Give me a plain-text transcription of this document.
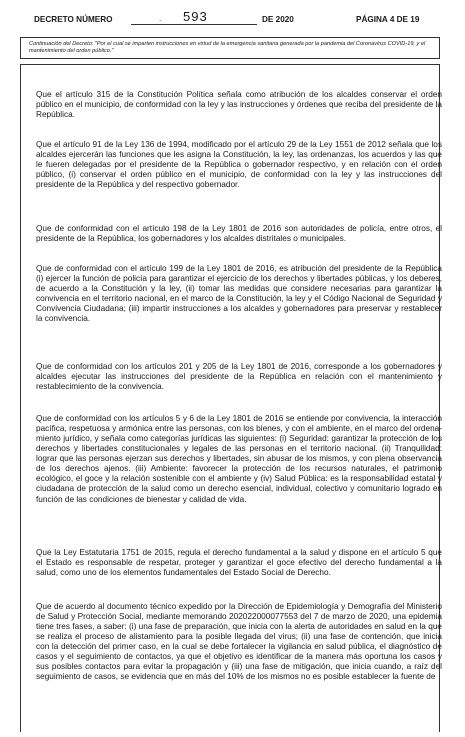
DECRETO NÚMERO	. 593	DE 2020	PÁGINA 4 DE 19
Continuación del Decreto: "Por el cual se imparten instrucciones en virtud de la emergencia sanitaria generada por la pandemia del Coronavirus COVID-19, y el mantenimiento del orden público."

Que el artículo 315 de la Constitución Política señala como atribución de los alcaldes conservar el orden público en el municipio, de conformidad con la ley y las instrucciones y órdenes que reciba del presidente de la República.

Que el artículo 91 de la Ley 136 de 1994, modificado por el artículo 29 de la Ley 1551 de 2012 señala que los alcaldes ejercerán las funciones que les asigna la Constitución, la ley, las ordenanzas, los acuerdos y las que le fueren delegadas por el presidente de la República o gobernador respectivo, y en relación con el orden público, (i) conservar el orden público en el municipio, de conformidad con la ley y las instrucciones del presidente de la República y del respectivo gobernador.

Que de conformidad con el artículo 198 de la Ley 1801 de 2016 son autoridades de policía, entre otros, el presidente de la República, los gobernadores y los alcaldes distritales o municipales.

Que de conformidad con el artículo 199 de la Ley 1801 de 2016, es atribución del presidente de la República (i) ejercer la función de policía para garantizar el ejercicio de los derechos y libertades públicas, y los deberes, de acuerdo a la Constitución y la ley, (ii) tomar las medidas que considere necesarias para garantizar la convivencia en el territorio nacional, en el marco de la Constitución, la ley y el Código Nacional de Seguridad y Convivencia Ciudadana; (iii) impartir instrucciones a los alcaldes y gobernadores para preservar y restablecer la convivencia.

Que de conformidad con los artículos 201 y 205 de la Ley 1801 de 2016, corresponde a los gobernadores y alcaldes ejecutar las instrucciones del presidente de la República en relación con el mantenimiento y restablecimiento de la convivencia.

Que de conformidad con los artículos 5 y 6 de la Ley 1801 de 2016 se entiende por convivencia, la interacción pacífica, respetuosa y armónica entre las personas, con los bienes, y con el ambiente, en el marco del ordena-miento jurídico, y señala como categorías jurídicas las siguientes: (i) Seguridad: garantizar la protección de los derechos y libertades constitucionales y legales de las personas en el territorio nacional. (ii) Tranquilidad: lograr que las personas ejerzan sus derechos y libertades, sin abusar de los mismos, y con plena observancia de los derechos ajenos. (iii) Ambiente: favorecer la protección de los recursos naturales, el patrimonio ecológico, el goce y la relación sostenible con el ambiente y (iv) Salud Pública: es la responsabilidad estatal y ciudadana de protección de la salud como un derecho esencial, individual, colectivo y comunitario logrado en función de las condiciones de bienestar y calidad de vida.

Que la Ley Estatutaria 1751 de 2015, regula el derecho fundamental a la salud y dispone en el artículo 5 que el Estado es responsable de respetar, proteger y garantizar el goce efectivo del derecho fundamental a la salud, como uno de los elementos fundamentales del Estado Social de Derecho.

Que de acuerdo al documento técnico expedido por la Dirección de Epidemiología y Demografía del Ministerio de Salud y Protección Social, mediante memorando 202022000077553 del 7 de marzo de 2020, una epidemia tiene tres fases, a saber: (i) una fase de preparación, que inicia con la alerta de autoridades en salud en la que se realiza el proceso de alistamiento para la posible llegada del virus; (ii) una fase de contención, que inicia con la detección del primer caso, en la cual se debe fortalecer la vigilancia en salud pública, el diagnóstico de casos y el seguimiento de contactos, ya que el objetivo es identificar de la manera más oportuna los casos y sus posibles contactos para evitar la propagación y (iii) una fase de mitigación, que inicia cuando, a raíz del seguimiento de casos, se evidencia que en más del 10% de los mismos no es posible establecer la fuente de
